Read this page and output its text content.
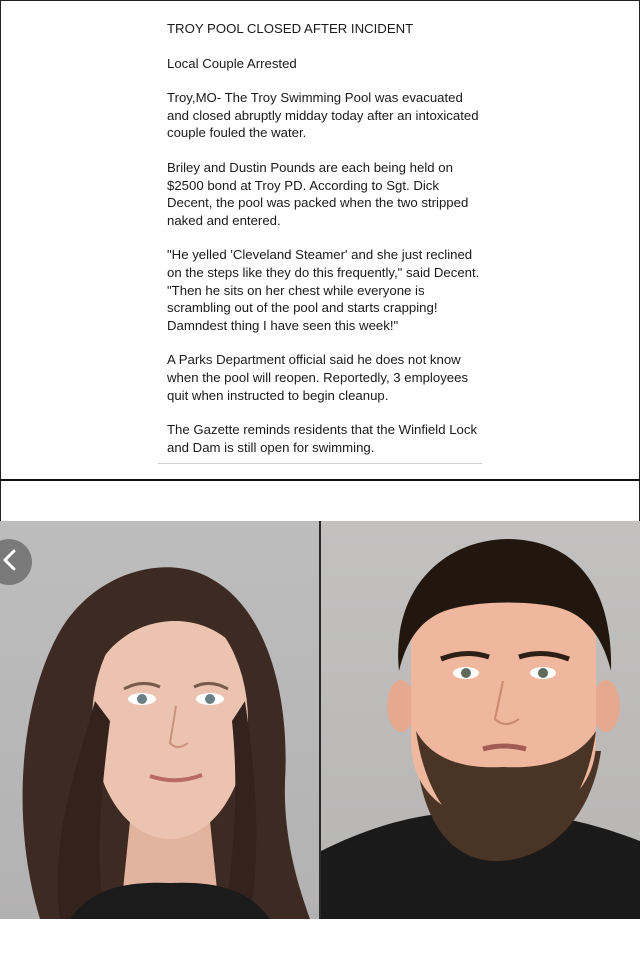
TROY POOL CLOSED AFTER INCIDENT

Local Couple Arrested

Troy,MO- The Troy Swimming Pool was evacuated and closed abruptly midday today after an intoxicated couple fouled the water.

Briley and Dustin Pounds are each being held on $2500 bond at Troy PD. According to Sgt. Dick Decent, the pool was packed when the two stripped naked and entered.

"He yelled 'Cleveland Steamer' and she just reclined on the steps like they do this frequently," said Decent. "Then he sits on her chest while everyone is scrambling out of the pool and starts crapping! Damndest thing I have seen this week!"

A Parks Department official said he does not know when the pool will reopen. Reportedly, 3 employees quit when instructed to begin cleanup.

The Gazette reminds residents that the Winfield Lock and Dam is still open for swimming.
